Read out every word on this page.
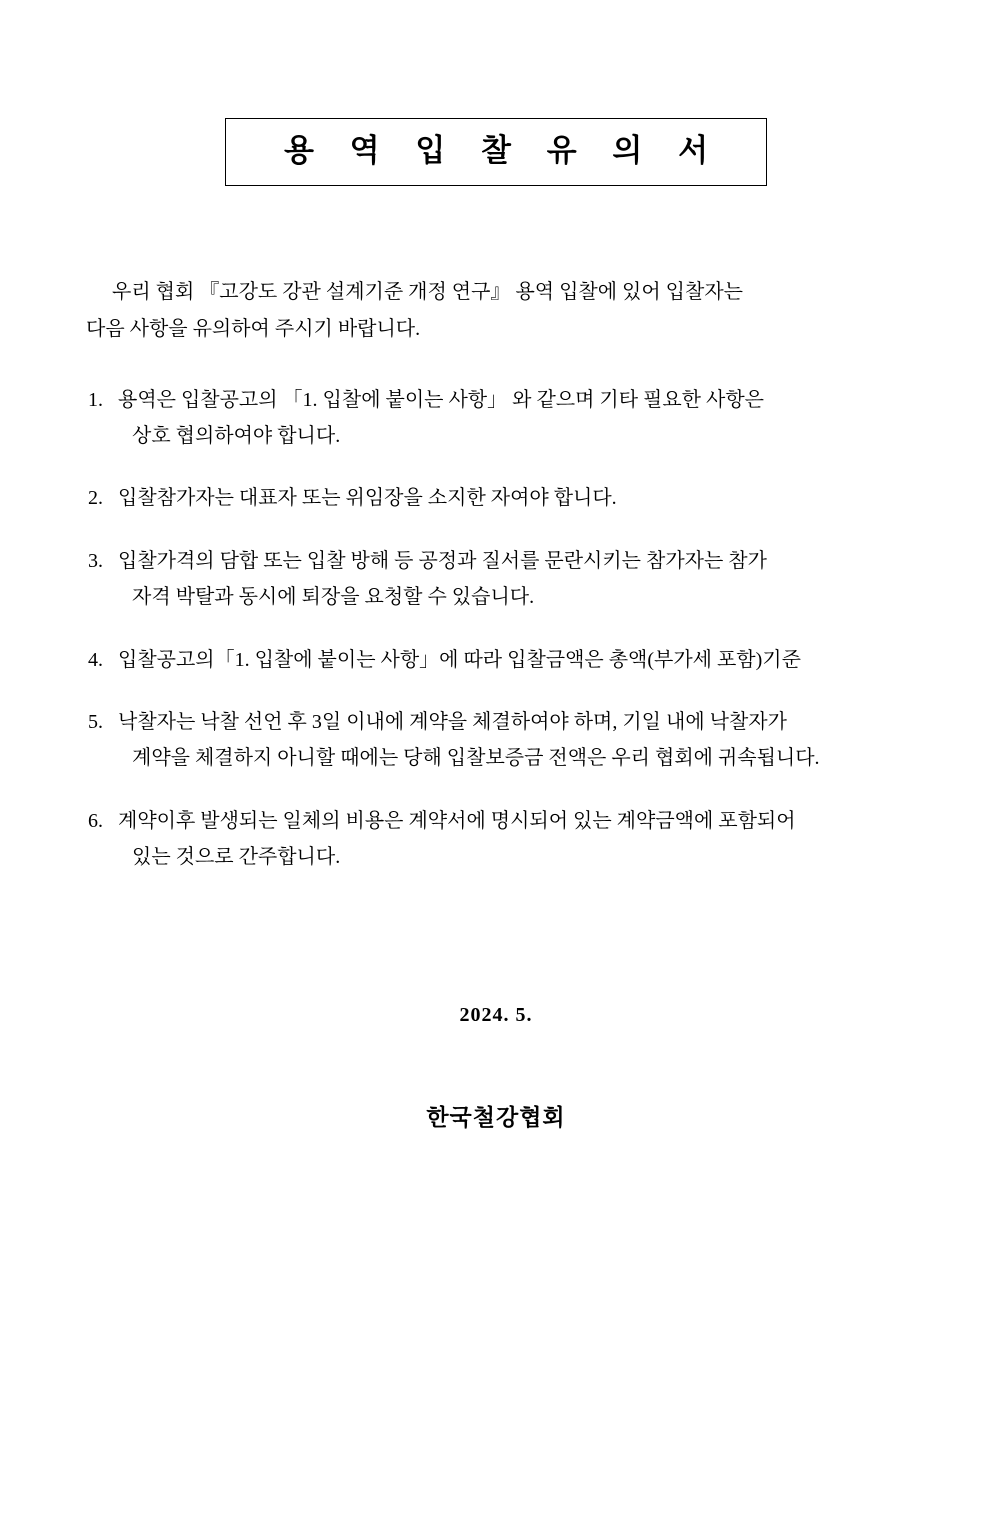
용 역 입 찰 유 의 서
우리 협회 『고강도 강관 설계기준 개정 연구』 용역 입찰에 있어 입찰자는
다음 사항을 유의하여 주시기 바랍니다.
1. 용역은 입찰공고의 「1. 입찰에 붙이는 사항」 와 같으며 기타 필요한 사항은
상호 협의하여야 합니다.
2. 입찰참가자는 대표자 또는 위임장을 소지한 자여야 합니다.
3. 입찰가격의 담합 또는 입찰 방해 등 공정과 질서를 문란시키는 참가자는 참가
자격 박탈과 동시에 퇴장을 요청할 수 있습니다.
4. 입찰공고의「1. 입찰에 붙이는 사항」에 따라 입찰금액은 총액(부가세 포함)기준
5. 낙찰자는 낙찰 선언 후 3일 이내에 계약을 체결하여야 하며, 기일 내에 낙찰자가
계약을 체결하지 아니할 때에는 당해 입찰보증금 전액은 우리 협회에 귀속됩니다.
6. 계약이후 발생되는 일체의 비용은 계약서에 명시되어 있는 계약금액에 포함되어
있는 것으로 간주합니다.
2024. 5.
한국철강협회
